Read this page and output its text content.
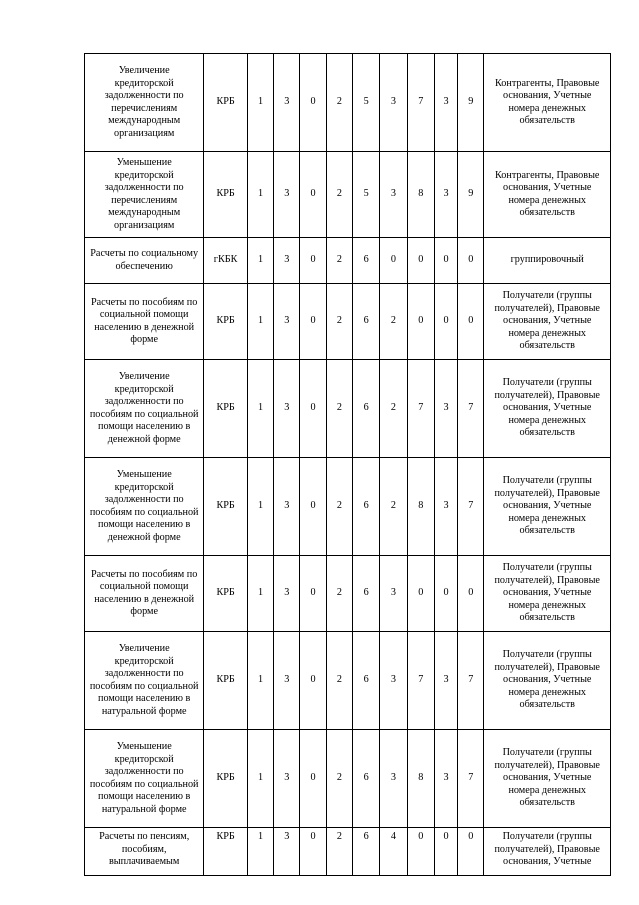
Увеличение кредиторской задолженности по перечислениям международным организациям	КРБ	1	3	0	2	5	3	7	3	9	Контрагенты, Правовые основания, Учетные номера денежных обязательств
Уменьшение кредиторской задолженности по перечислениям международным организациям	КРБ	1	3	0	2	5	3	8	3	9	Контрагенты, Правовые основания, Учетные номера денежных обязательств
Расчеты по социальному обеспечению	гКБК	1	3	0	2	6	0	0	0	0	группировочный
Расчеты по пособиям по социальной помощи населению в денежной форме	КРБ	1	3	0	2	6	2	0	0	0	Получатели (группы получателей), Правовые основания, Учетные номера денежных обязательств
Увеличение кредиторской задолженности по пособиям по социальной помощи населению в денежной форме	КРБ	1	3	0	2	6	2	7	3	7	Получатели (группы получателей), Правовые основания, Учетные номера денежных обязательств
Уменьшение кредиторской задолженности по пособиям по социальной помощи населению в денежной форме	КРБ	1	3	0	2	6	2	8	3	7	Получатели (группы получателей), Правовые основания, Учетные номера денежных обязательств
Расчеты по пособиям по социальной помощи населению в денежной форме	КРБ	1	3	0	2	6	3	0	0	0	Получатели (группы получателей), Правовые основания, Учетные номера денежных обязательств
Увеличение кредиторской задолженности по пособиям по социальной помощи населению в натуральной форме	КРБ	1	3	0	2	6	3	7	3	7	Получатели (группы получателей), Правовые основания, Учетные номера денежных обязательств
Уменьшение кредиторской задолженности по пособиям по социальной помощи населению в натуральной форме	КРБ	1	3	0	2	6	3	8	3	7	Получатели (группы получателей), Правовые основания, Учетные номера денежных обязательств
Расчеты по пенсиям, пособиям, выплачиваемым	КРБ	1	3	0	2	6	4	0	0	0	Получатели (группы получателей), Правовые основания, Учетные
